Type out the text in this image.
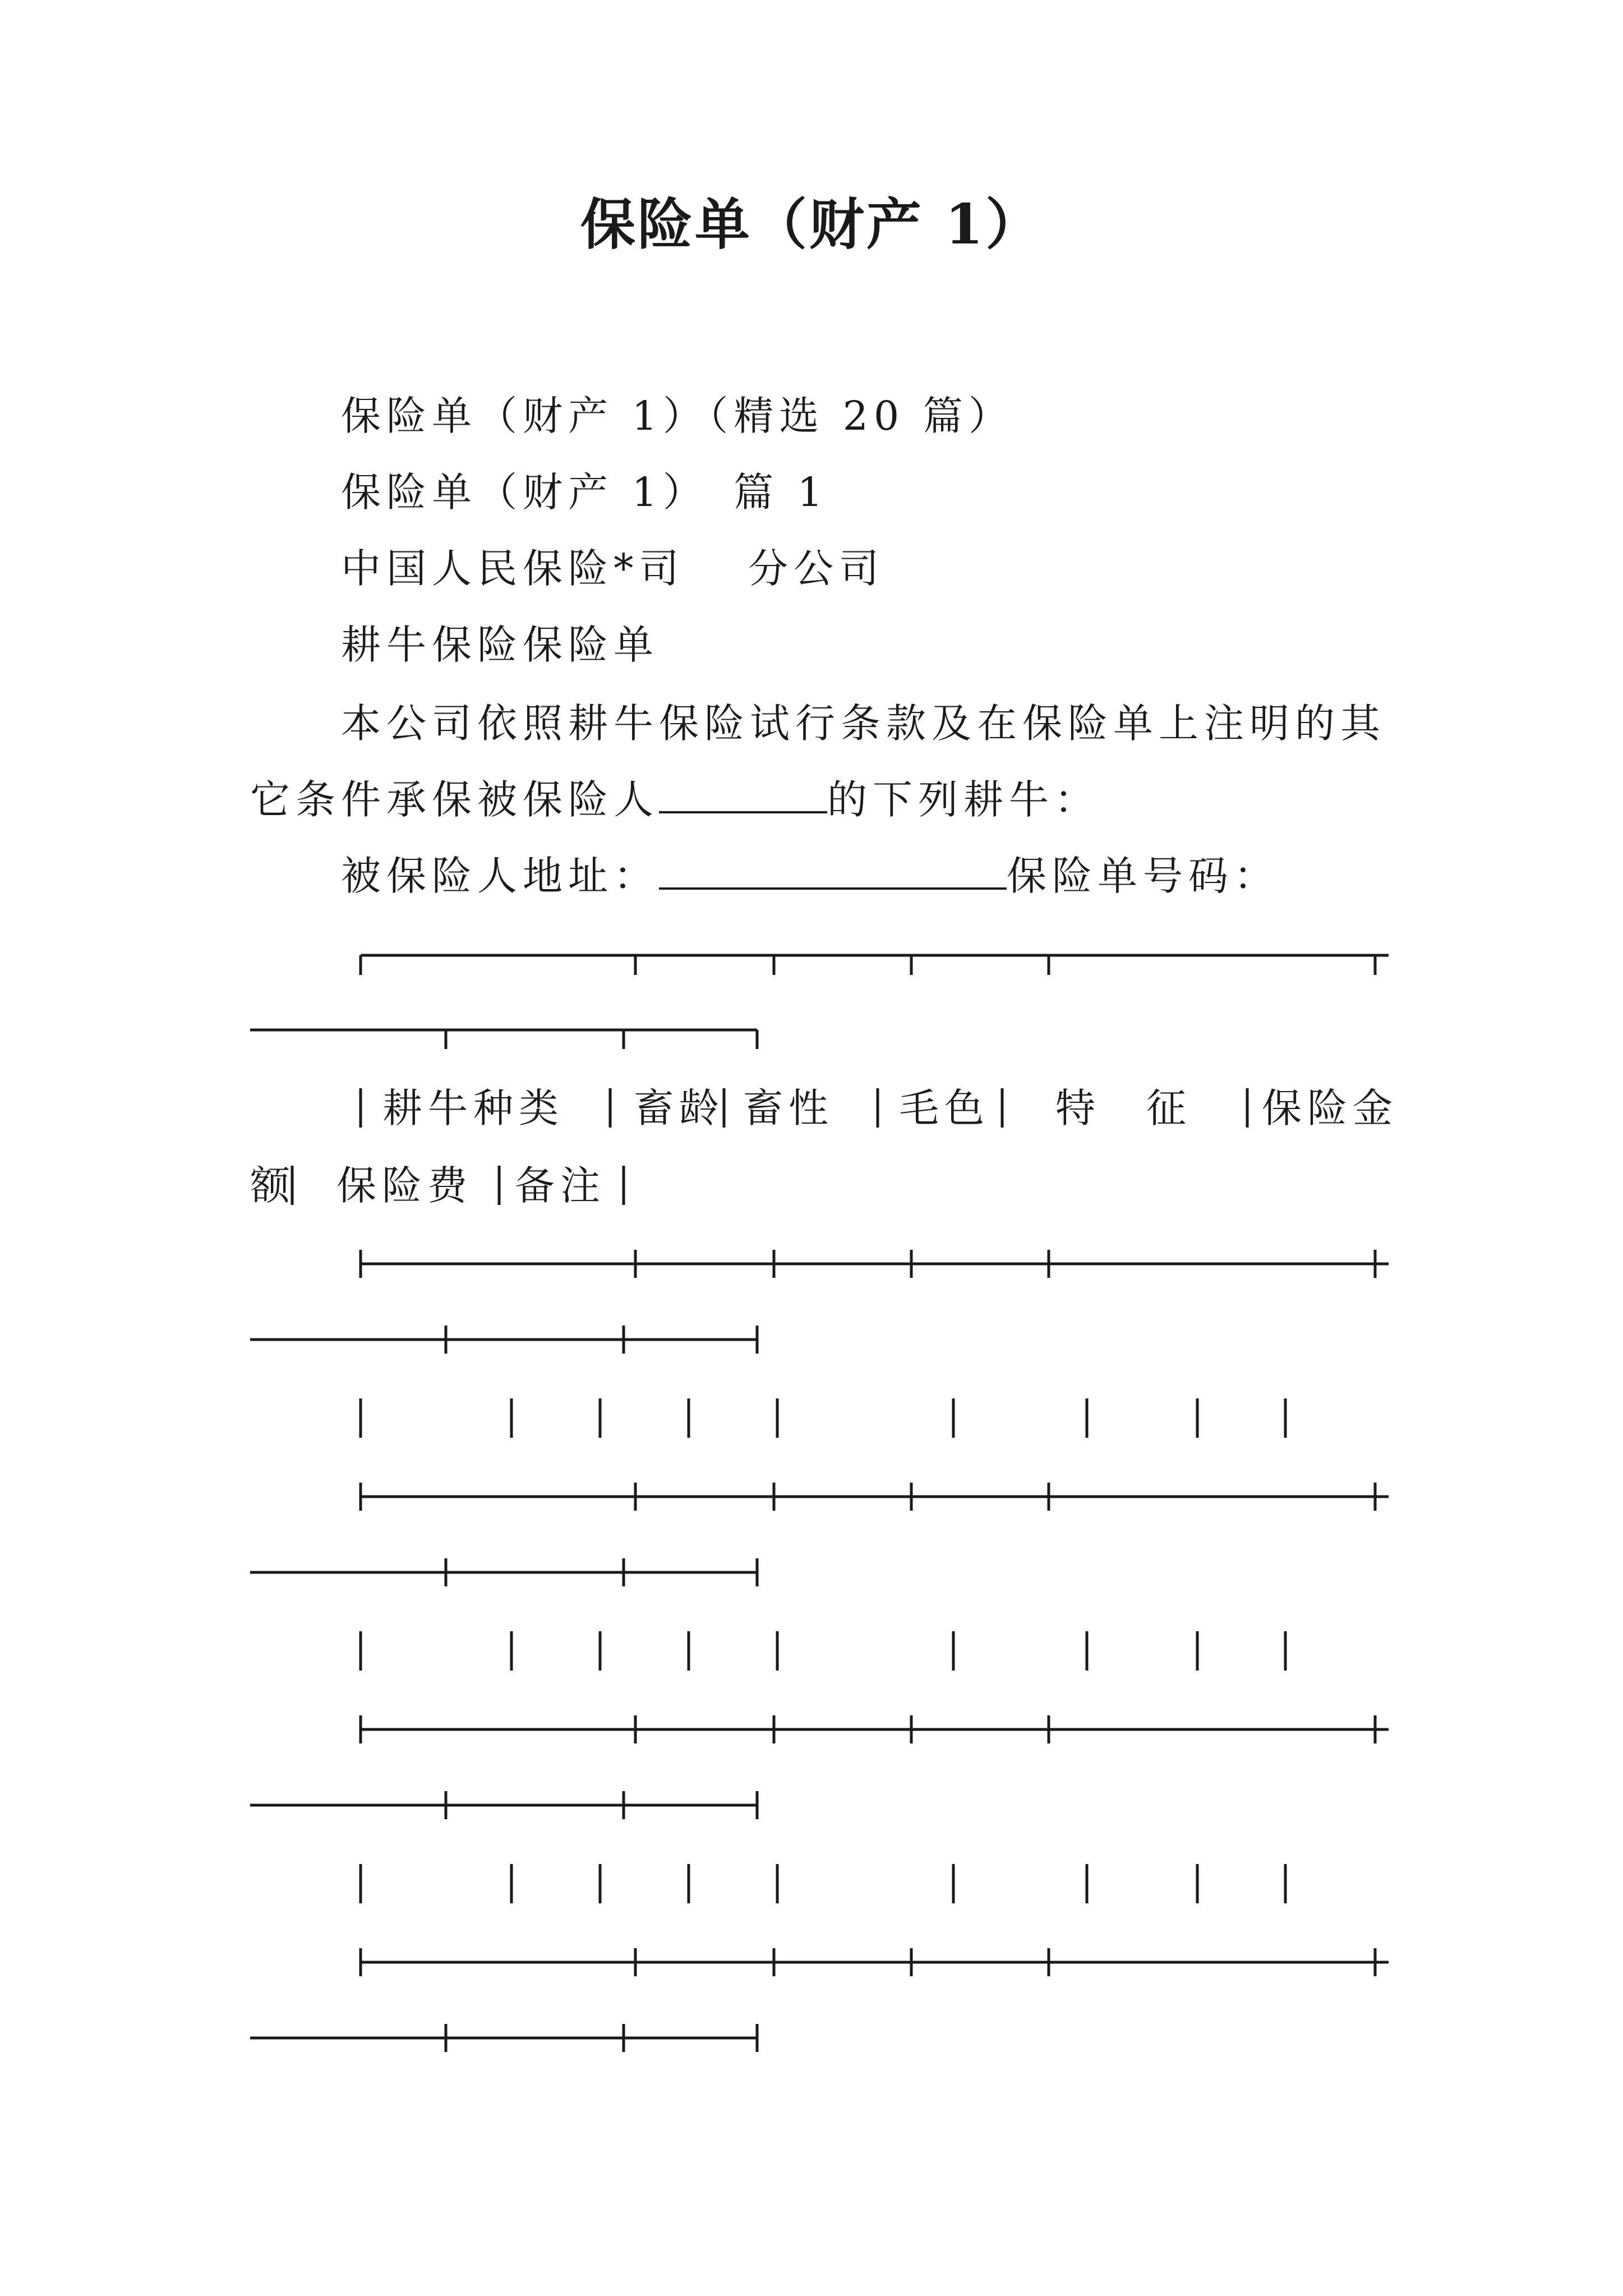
保险单（财产 1）
保险单（财产 1）（精选 20 篇）
保险单（财产 1）　篇 1
中国人民保险*司　 分公司
耕牛保险保险单
本公司依照耕牛保险试行条款及在保险单上注明的其它条件承保被保险人	的下列耕牛：
被保险人地址：	保险单号码：
耕牛种类 畜龄 畜性 毛色 特　征 保险金
额 保险费 备注
